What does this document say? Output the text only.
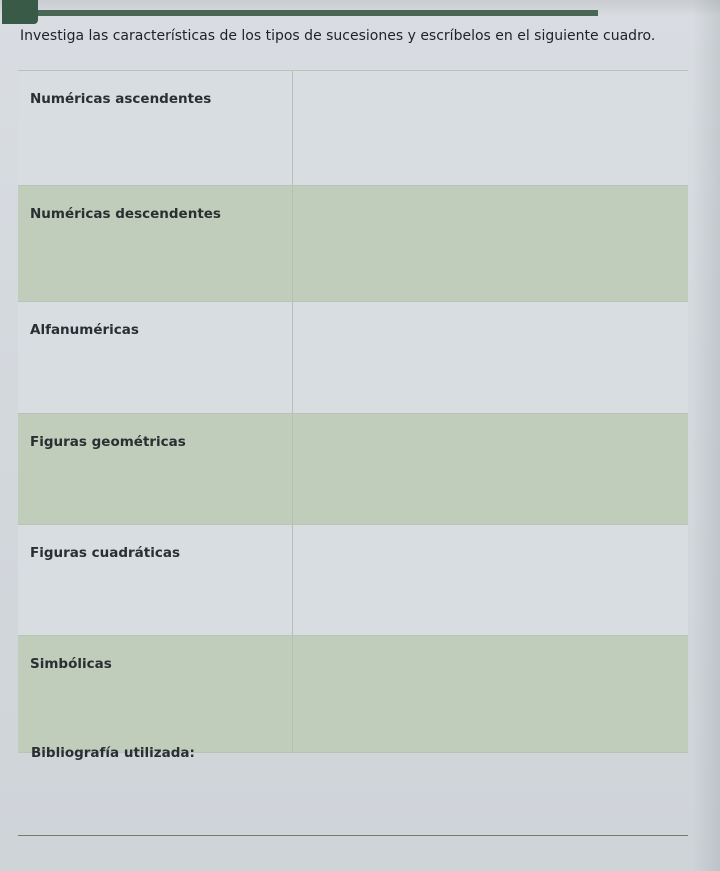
Investiga las características de los tipos de sucesiones y escríbelos en el siguiente cuadro.
Numéricas ascendentes
Numéricas descendentes
Alfanuméricas
Figuras geométricas
Figuras cuadráticas
Simbólicas
Bibliografía utilizada:
